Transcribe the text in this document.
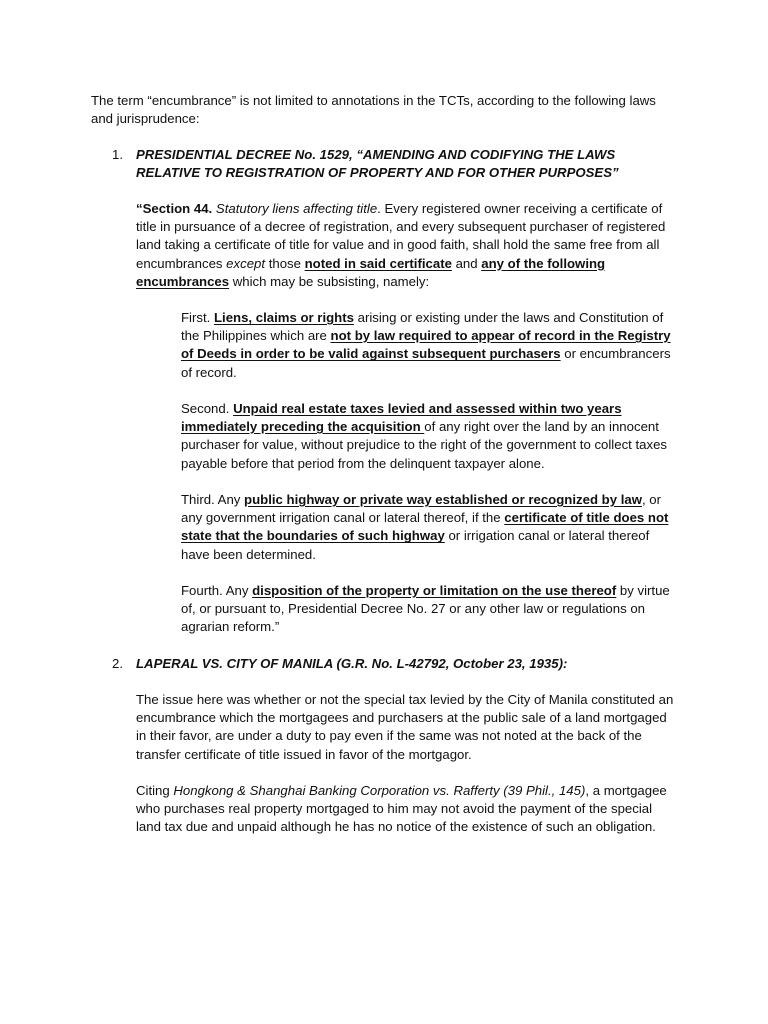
The term “encumbrance” is not limited to annotations in the TCTs, according to the following laws and jurisprudence:

1. PRESIDENTIAL DECREE No. 1529, “AMENDING AND CODIFYING THE LAWS RELATIVE TO REGISTRATION OF PROPERTY AND FOR OTHER PURPOSES”

“Section 44. Statutory liens affecting title. Every registered owner receiving a certificate of title in pursuance of a decree of registration, and every subsequent purchaser of registered land taking a certificate of title for value and in good faith, shall hold the same free from all encumbrances except those noted in said certificate and any of the following encumbrances which may be subsisting, namely:

First. Liens, claims or rights arising or existing under the laws and Constitution of the Philippines which are not by law required to appear of record in the Registry of Deeds in order to be valid against subsequent purchasers or encumbrancers of record.

Second. Unpaid real estate taxes levied and assessed within two years immediately preceding the acquisition of any right over the land by an innocent purchaser for value, without prejudice to the right of the government to collect taxes payable before that period from the delinquent taxpayer alone.

Third. Any public highway or private way established or recognized by law, or any government irrigation canal or lateral thereof, if the certificate of title does not state that the boundaries of such highway or irrigation canal or lateral thereof have been determined.

Fourth. Any disposition of the property or limitation on the use thereof by virtue of, or pursuant to, Presidential Decree No. 27 or any other law or regulations on agrarian reform.”

2. LAPERAL VS. CITY OF MANILA (G.R. No. L-42792, October 23, 1935):

The issue here was whether or not the special tax levied by the City of Manila constituted an encumbrance which the mortgagees and purchasers at the public sale of a land mortgaged in their favor, are under a duty to pay even if the same was not noted at the back of the transfer certificate of title issued in favor of the mortgagor.

Citing Hongkong & Shanghai Banking Corporation vs. Rafferty (39 Phil., 145), a mortgagee who purchases real property mortgaged to him may not avoid the payment of the special land tax due and unpaid although he has no notice of the existence of such an obligation.
